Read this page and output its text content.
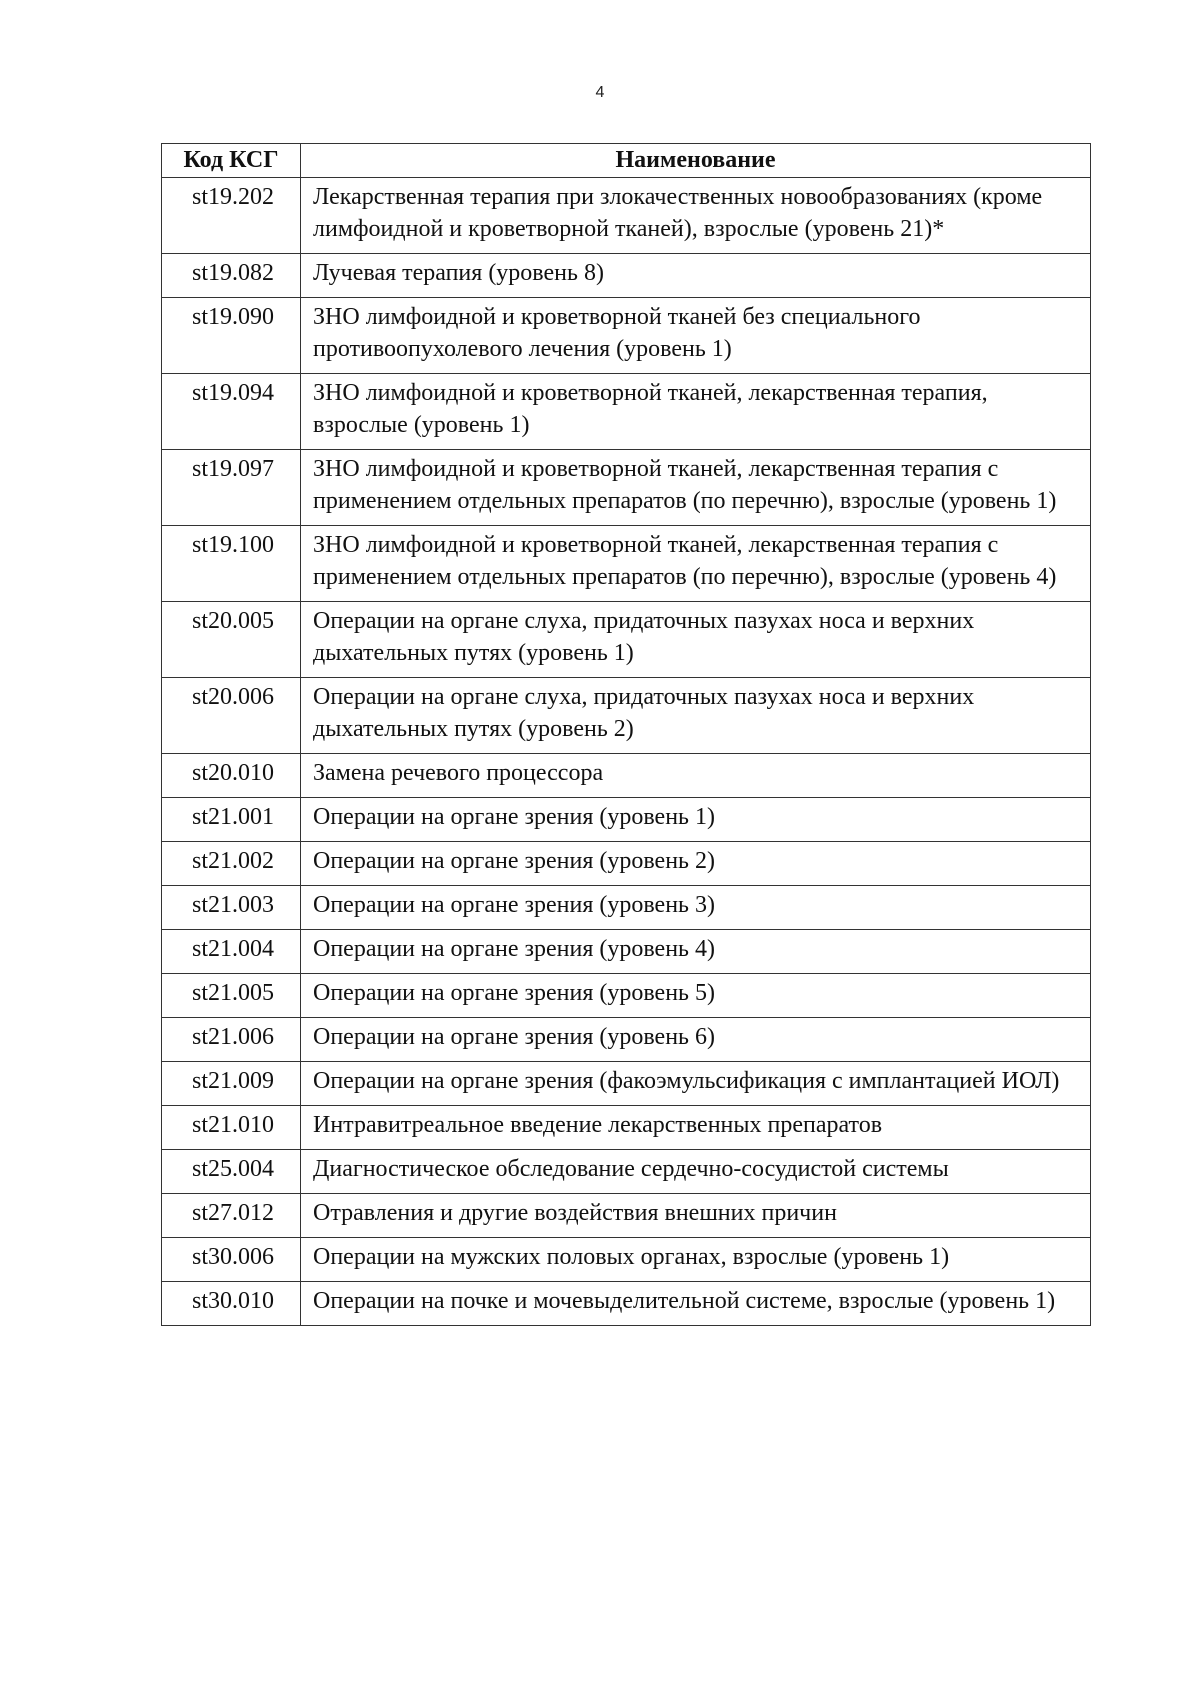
4
Код КСГ	Наименование
st19.202	Лекарственная терапия при злокачественных новообразованиях (кроме лимфоидной и кроветворной тканей), взрослые (уровень 21)*
st19.082	Лучевая терапия (уровень 8)
st19.090	ЗНО лимфоидной и кроветворной тканей без специального противоопухолевого лечения (уровень 1)
st19.094	ЗНО лимфоидной и кроветворной тканей, лекарственная терапия, взрослые (уровень 1)
st19.097	ЗНО лимфоидной и кроветворной тканей, лекарственная терапия с применением отдельных препаратов (по перечню), взрослые (уровень 1)
st19.100	ЗНО лимфоидной и кроветворной тканей, лекарственная терапия с применением отдельных препаратов (по перечню), взрослые (уровень 4)
st20.005	Операции на органе слуха, придаточных пазухах носа и верхних дыхательных путях (уровень 1)
st20.006	Операции на органе слуха, придаточных пазухах носа и верхних дыхательных путях (уровень 2)
st20.010	Замена речевого процессора
st21.001	Операции на органе зрения (уровень 1)
st21.002	Операции на органе зрения (уровень 2)
st21.003	Операции на органе зрения (уровень 3)
st21.004	Операции на органе зрения (уровень 4)
st21.005	Операции на органе зрения (уровень 5)
st21.006	Операции на органе зрения (уровень 6)
st21.009	Операции на органе зрения (факоэмульсификация с имплантацией ИОЛ)
st21.010	Интравитреальное введение лекарственных препаратов
st25.004	Диагностическое обследование сердечно-сосудистой системы
st27.012	Отравления и другие воздействия внешних причин
st30.006	Операции на мужских половых органах, взрослые (уровень 1)
st30.010	Операции на почке и мочевыделительной системе, взрослые (уровень 1)
